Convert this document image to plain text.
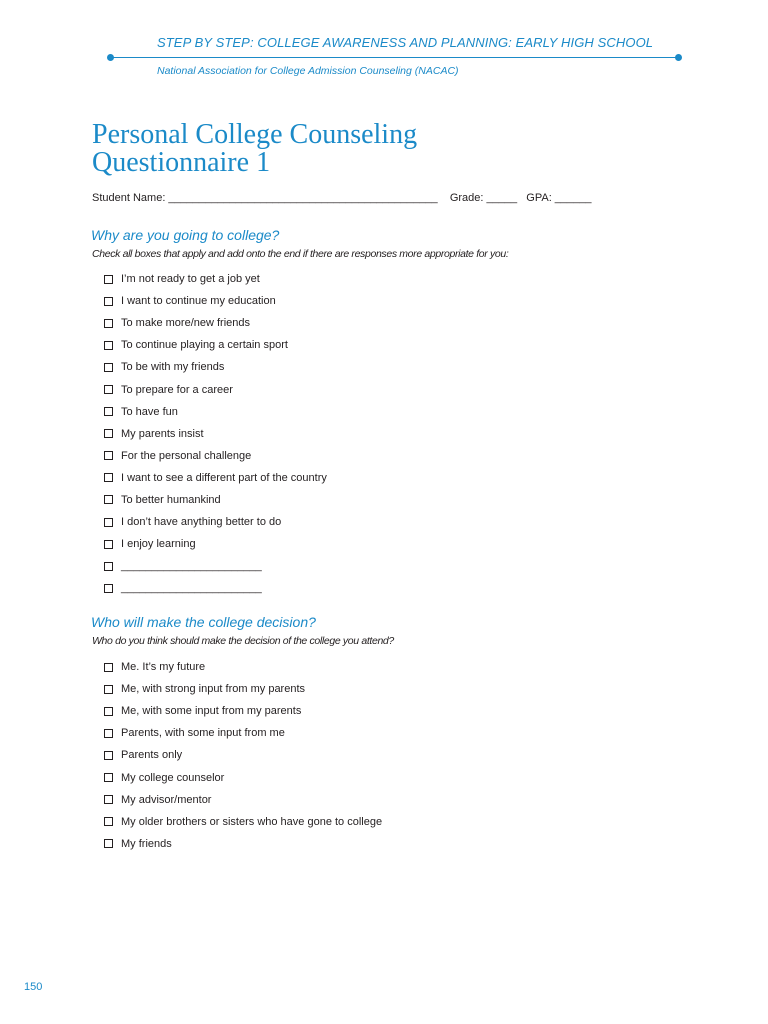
STEP BY STEP: COLLEGE AWARENESS AND PLANNING: EARLY HIGH SCHOOL
National Association for College Admission Counseling (NACAC)
Personal College Counseling
Questionnaire 1
Student Name: ____________________________________________    Grade: _____   GPA: ______
Why are you going to college?
Check all boxes that apply and add onto the end if there are responses more appropriate for you:
I’m not ready to get a job yet
I want to continue my education
To make more/new friends
To continue playing a certain sport
To be with my friends
To prepare for a career
To have fun
My parents insist
For the personal challenge
I want to see a different part of the country
To better humankind
I don’t have anything better to do
I enjoy learning
_______________________
_______________________
Who will make the college decision?
Who do you think should make the decision of the college you attend?
Me. It’s my future
Me, with strong input from my parents
Me, with some input from my parents
Parents, with some input from me
Parents only
My college counselor
My advisor/mentor
My older brothers or sisters who have gone to college
My friends
150
